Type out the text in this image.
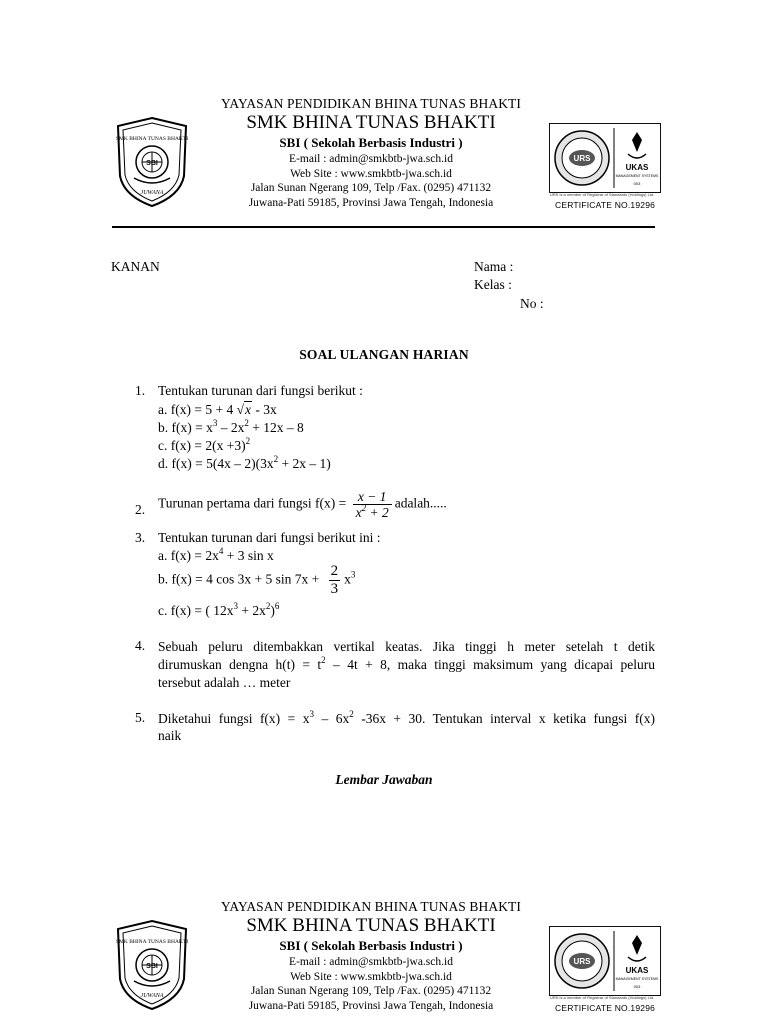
SBI
SMK BHINA TUNAS BHAKTI
JUWANA
YAYASAN PENDIDIKAN BHINA TUNAS BHAKTI
SMK BHINA TUNAS BHAKTI
SBI ( Sekolah Berbasis Industri )
E-mail : admin@smkbtb-jwa.sch.id
Web Site : www.smkbtb-jwa.sch.id
Jalan Sunan Ngerang 109, Telp /Fax. (0295) 471132
Juwana-Pati 59185, Provinsi Jawa Tengah, Indonesia
URS
UKAS
MANAGEMENT SYSTEMS
003
URS is a member of Registrar of Standards (Holdings) Ltd.
CERTIFICATE NO.19296
KANAN	Nama :
Kelas :
No :
SOAL ULANGAN HARIAN
1. Tentukan turunan dari fungsi berikut :
a. f(x) = 5 + 4 √x - 3x
b. $f(x) = x^3 - 2x^2 + 12x - 8$
c. $f(x) = 2(x +3)^2$
d. $f(x) = 5(4x - 2)(3x^2 + 2x - 1)$
2. Turunan pertama dari fungsi $f(x) = \frac{x - 1}{x^2 + 2}$ adalah.....
3. Tentukan turunan dari fungsi berikut ini :
a. $f(x) = 2x^4 + 3$ sin x
b. f(x) = 4 cos 3x + 5 $\sin 7x + \frac{2}{3} x^3$
c. f(x) = ( $12x^3 + 2x^2)^6$
4. Sebuah peluru ditembakkan vertikal keatas. Jika tinggi h meter setelah t detik
dirumuskan dengna $h(t) = t^2 - 4t + 8$, maka tinggi maksimum yang dicapai peluru
tersebut adalah … meter
5. Diketahui fungsi $f(x) = x^3 - 6x^2$ -36x + 30. Tentukan interval x ketika fungsi f(x)
naik
Lembar Jawaban
SBI
SMK BHINA TUNAS BHAKTI
JUWANA
YAYASAN PENDIDIKAN BHINA TUNAS BHAKTI
SMK BHINA TUNAS BHAKTI
SBI ( Sekolah Berbasis Industri )
E-mail : admin@smkbtb-jwa.sch.id
Web Site : www.smkbtb-jwa.sch.id
Jalan Sunan Ngerang 109, Telp /Fax. (0295) 471132
Juwana-Pati 59185, Provinsi Jawa Tengah, Indonesia
URS
UKAS
MANAGEMENT SYSTEMS
003
URS is a member of Registrar of Standards (Holdings) Ltd.
CERTIFICATE NO.19296
